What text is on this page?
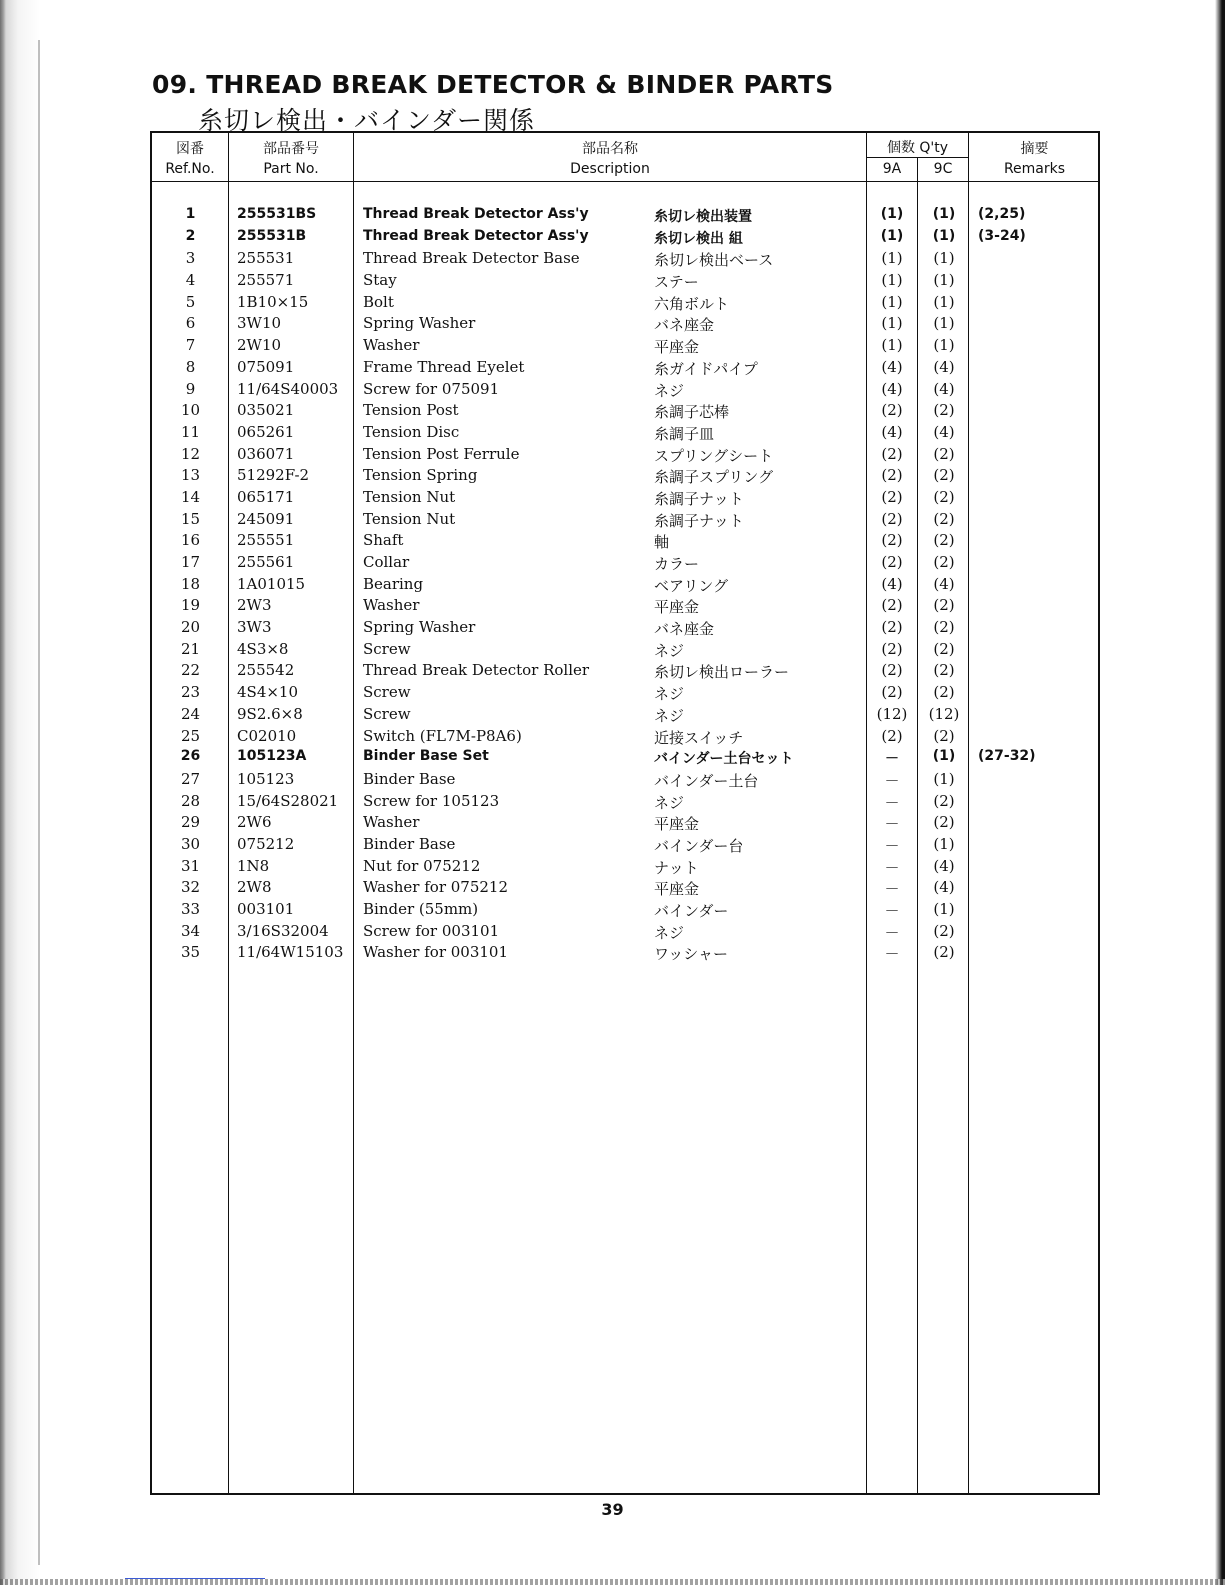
09. THREAD BREAK DETECTOR & BINDER PARTS
糸切レ検出・バインダー関係
図番
Ref.No.
部品番号
Part No.
部品名称
Description
個数 Q'ty
9A	9C
摘要
Remarks
1	255531BS	Thread Break Detector Ass'y	糸切レ検出装置	(1)	(1)	(2,25)
2	255531B	Thread Break Detector Ass'y	糸切レ検出 組	(1)	(1)	(3-24)
3	255531	Thread Break Detector Base	糸切レ検出ベース	(1)	(1)
4	255571	Stay	ステー	(1)	(1)
5	1B10×15	Bolt	六角ボルト	(1)	(1)
6	3W10	Spring Washer	バネ座金	(1)	(1)
7	2W10	Washer	平座金	(1)	(1)
8	075091	Frame Thread Eyelet	糸ガイドパイプ	(4)	(4)
9	11/64S40003 Screw for 075091	ネジ	(4)	(4)
10	035021	Tension Post	糸調子芯棒	(2)	(2)
11	065261	Tension Disc	糸調子皿	(4)	(4)
12	036071	Tension Post Ferrule	スプリングシート	(2)	(2)
13	51292F-2	Tension Spring	糸調子スプリング	(2)	(2)
14	065171	Tension Nut	糸調子ナット	(2)	(2)
15	245091	Tension Nut	糸調子ナット	(2)	(2)
16	255551	Shaft	軸	(2)	(2)
17	255561	Collar	カラー	(2)	(2)
18	1A01015	Bearing	ベアリング	(4)	(4)
19	2W3	Washer	平座金	(2)	(2)
20	3W3	Spring Washer	バネ座金	(2)	(2)
21	4S3×8	Screw	ネジ	(2)	(2)
22	255542	Thread Break Detector Roller	糸切レ検出ローラー	(2)	(2)
23	4S4×10	Screw	ネジ	(2)	(2)
24	9S2.6×8	Screw	ネジ	(12)	(12)
25	C02010	Switch (FL7M-P8A6)	近接スイッチ	(2)	(2)
26	105123A	Binder Base Set	バインダー土台セット	－	(1)	(27-32)
27	105123	Binder Base	バインダー土台	－	(1)
28	15/64S28021 Screw for 105123	ネジ	－	(2)
29	2W6	Washer	平座金	－	(2)
30	075212	Binder Base	バインダー台	－	(1)
31	1N8	Nut for 075212	ナット	－	(4)
32	2W8	Washer for 075212	平座金	－	(4)
33	003101	Binder (55mm)	バインダー	－	(1)
34	3/16S32004 Screw for 003101	ネジ	－	(2)
35	11/64W15103 Washer for 003101	ワッシャー	－	(2)
39
